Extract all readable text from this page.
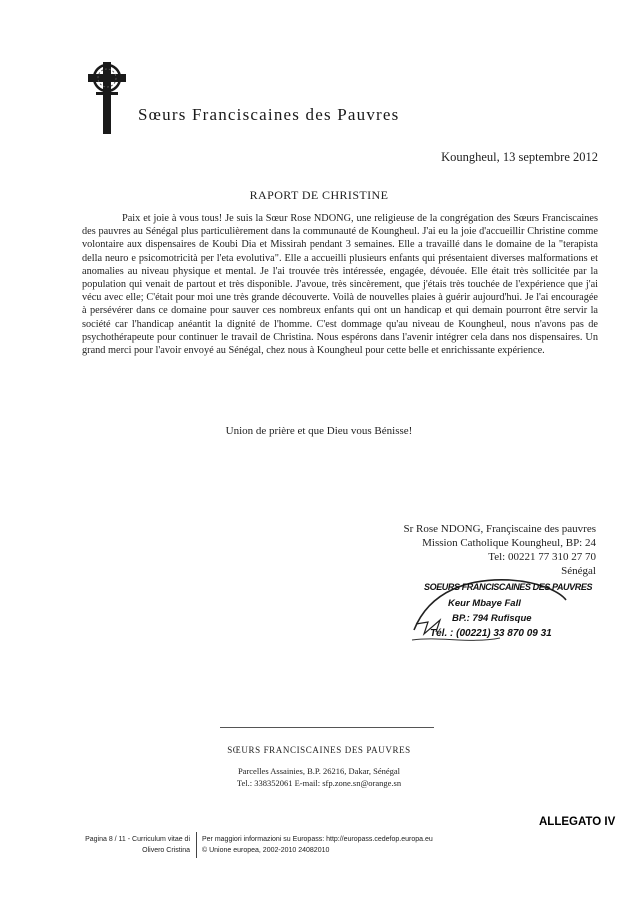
Sœurs Franciscaines des Pauvres
Koungheul, 13 septembre 2012
RAPORT DE CHRISTINE
Paix et joie à vous tous! Je suis la Sœur Rose NDONG, une religieuse de la congrégation des Sœurs Franciscaines des pauvres au Sénégal plus particulièrement dans la communauté de Koungheul. J'ai eu la joie d'accueillir Christine comme volontaire aux dispensaires de Koubi Dia et Missirah pendant 3 semaines. Elle a travaillé dans le domaine de la "terapista della neuro e psicomotricità per l'eta evolutiva". Elle a accueilli plusieurs enfants qui présentaient diverses malformations et anomalies au niveau physique et mental. Je l'ai trouvée très intéressée, engagée, dévouée. Elle était très sollicitée par la population qui venait de partout et très disponible. J'avoue, très sincèrement, que j'étais très touchée de l'expérience que j'ai vécu avec elle; C'était pour moi une très grande découverte. Voilà de nouvelles plaies à guérir aujourd'hui. Je l'ai encouragée à persévérer dans ce domaine pour sauver ces nombreux enfants qui ont un handicap et qui demain pourront être servir la société car l'handicap anéantit la dignité de l'homme. C'est dommage qu'au niveau de Koungheul, nous n'avons pas de psychothérapeute pour continuer le travail de Christina. Nous espérons dans l'avenir intégrer cela dans nos dispensaires. Un grand merci pour l'avoir envoyé au Sénégal, chez nous à Koungheul pour cette belle et enrichissante expérience.
Union de prière et que Dieu vous Bénisse!
Sr Rose NDONG, Françiscaine des pauvres
Mission Catholique Koungheul, BP: 24
Tel: 00221 77 310 27 70
Sénégal
SOEURS FRANCISCAINES DES PAUVRES
Keur Mbaye Fall
BP.: 794 Rufisque
Tél. : (00221) 33 870 09 31
SŒURS FRANCISCAINES DES PAUVRES
Parcelles Assainies, B.P. 26216, Dakar, Sénégal
Tel.: 338352061 E-mail: sfp.zone.sn@orange.sn
ALLEGATO IV
Pagina 8 / 11 - Curriculum vitae di
Olivero Cristina
Per maggiori informazioni su Europass: http://europass.cedefop.europa.eu
© Unione europea, 2002-2010 24082010
